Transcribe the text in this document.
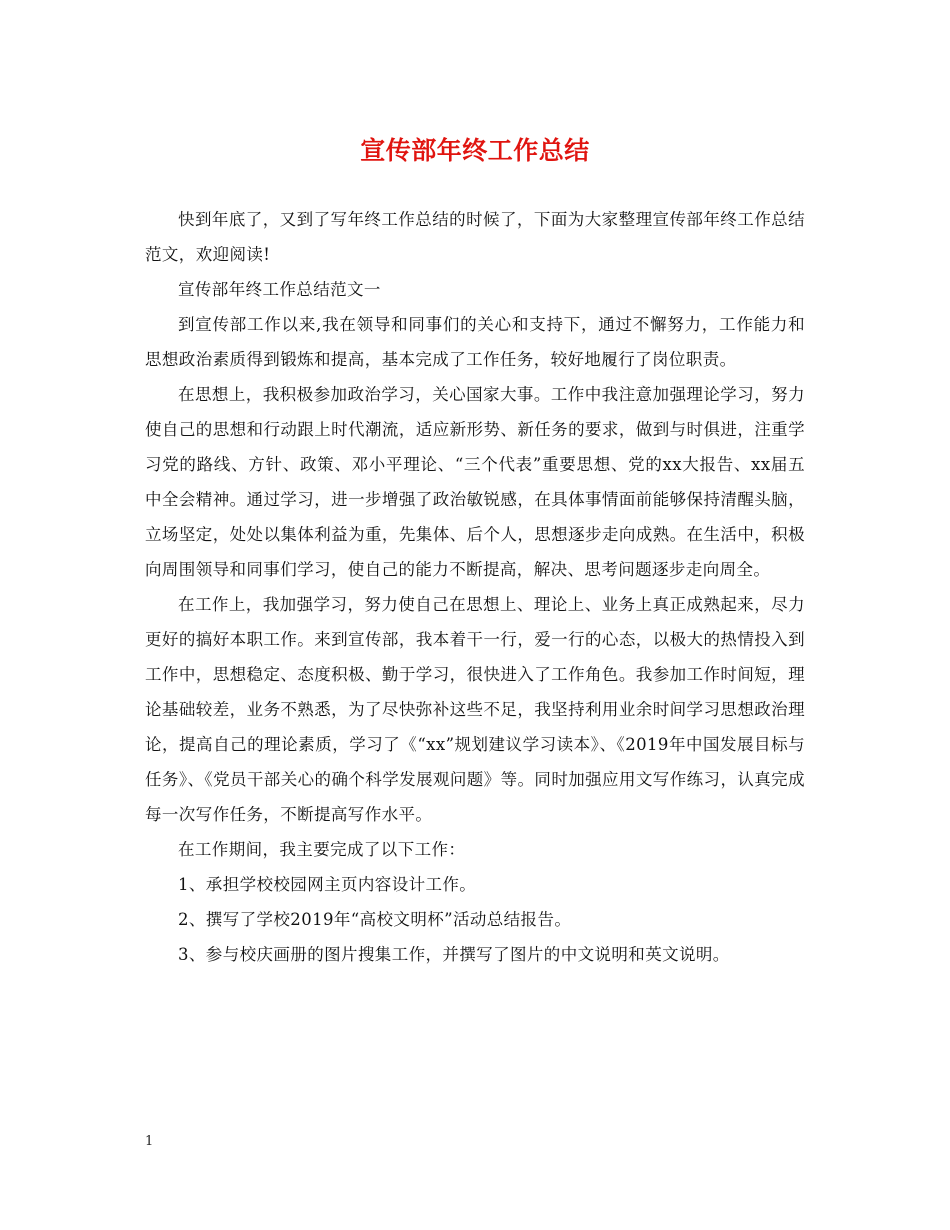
宣传部年终工作总结

快到年底了，又到了写年终工作总结的时候了，下面为大家整理宣传部年终工作总结范文，欢迎阅读!

宣传部年终工作总结范文一

到宣传部工作以来,我在领导和同事们的关心和支持下，通过不懈努力，工作能力和思想政治素质得到锻炼和提高，基本完成了工作任务，较好地履行了岗位职责。

在思想上，我积极参加政治学习，关心国家大事。工作中我注意加强理论学习，努力使自己的思想和行动跟上时代潮流，适应新形势、新任务的要求，做到与时俱进，注重学习党的路线、方针、政策、邓小平理论、“三个代表”重要思想、党的xx大报告、xx届五中全会精神。通过学习，进一步增强了政治敏锐感，在具体事情面前能够保持清醒头脑，立场坚定，处处以集体利益为重，先集体、后个人，思想逐步走向成熟。在生活中，积极向周围领导和同事们学习，使自己的能力不断提高，解决、思考问题逐步走向周全。

在工作上，我加强学习，努力使自己在思想上、理论上、业务上真正成熟起来，尽力更好的搞好本职工作。来到宣传部，我本着干一行，爱一行的心态，以极大的热情投入到工作中，思想稳定、态度积极、勤于学习，很快进入了工作角色。我参加工作时间短，理论基础较差，业务不熟悉，为了尽快弥补这些不足，我坚持利用业余时间学习思想政治理论，提高自己的理论素质，学习了《“xx”规划建议学习读本》、《2019年中国发展目标与任务》、《党员干部关心的确个科学发展观问题》等。同时加强应用文写作练习，认真完成每一次写作任务，不断提高写作水平。

在工作期间，我主要完成了以下工作：

1、承担学校校园网主页内容设计工作。

2、撰写了学校2019年“高校文明杯”活动总结报告。

3、参与校庆画册的图片搜集工作，并撰写了图片的中文说明和英文说明。

1
